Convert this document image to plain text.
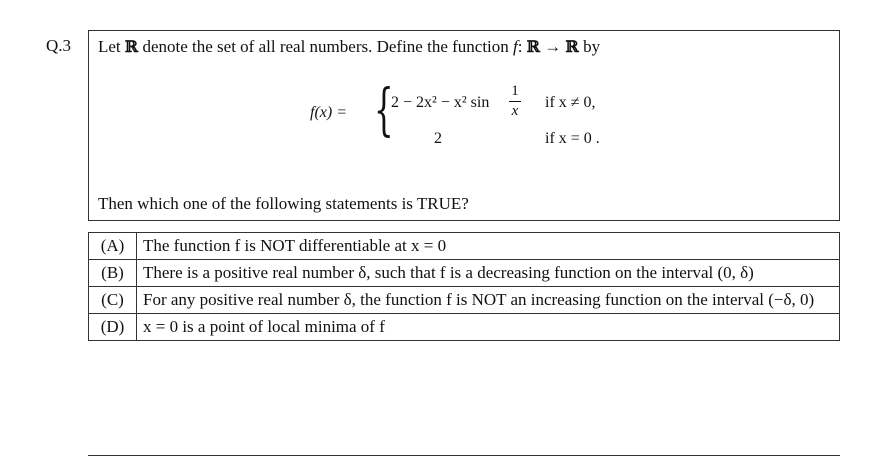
Q.3 Let ℝ denote the set of all real numbers. Define the function f: ℝ → ℝ by
f(x) = {
2 − 2x² − x² sin
1
x if x ≠ 0,
2	if x = 0 .
Then which one of the following statements is TRUE?
(A)	The function f is NOT differentiable at x = 0
(B)	There is a positive real number δ, such that f is a decreasing function on the interval (0, δ)
(C)	For any positive real number δ, the function f is NOT an increasing function on the interval (−δ, 0)
(D)	x = 0 is a point of local minima of f
